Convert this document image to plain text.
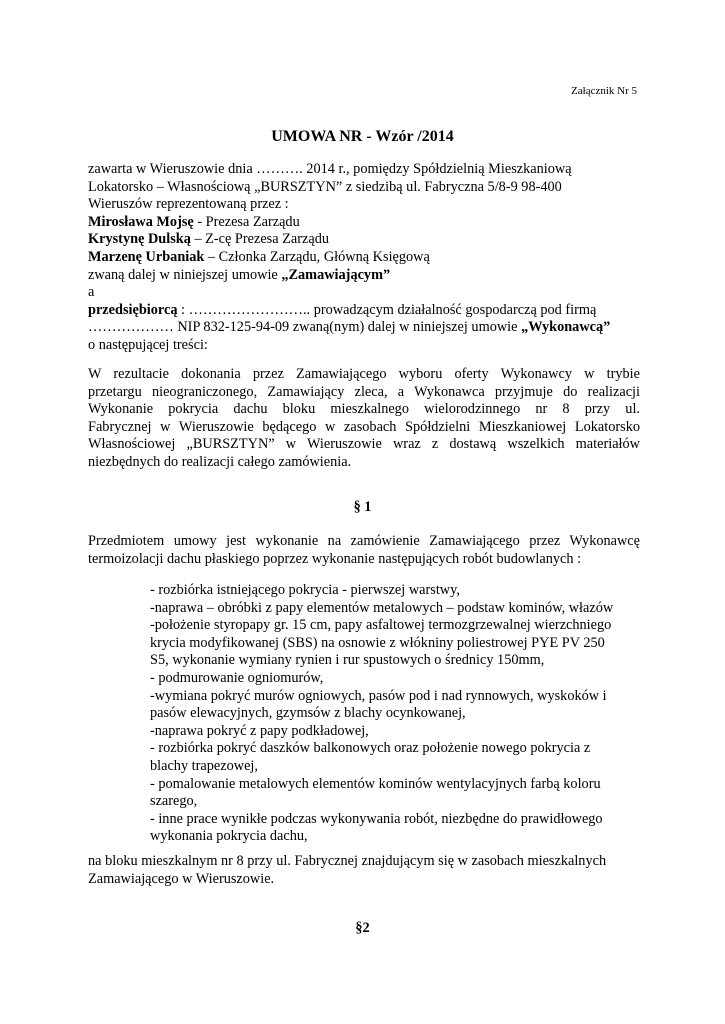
Załącznik Nr 5
UMOWA NR - Wzór /2014
zawarta w Wieruszowie dnia ………. 2014 r., pomiędzy Spółdzielnią Mieszkaniową
Lokatorsko – Własnościową „BURSZTYN” z siedzibą ul. Fabryczna 5/8-9 98-400
Wieruszów reprezentowaną przez :
Mirosława Mojsę - Prezesa Zarządu
Krystynę Dulską – Z-cę Prezesa Zarządu
Marzenę Urbaniak – Członka Zarządu, Główną Księgową
zwaną dalej w niniejszej umowie „Zamawiającym”
a
przedsiębiorcą : …………………….. prowadzącym działalność gospodarczą pod firmą
……………… NIP 832-125-94-09 zwaną(nym) dalej w niniejszej umowie „Wykonawcą”
o następującej treści:
W rezultacie dokonania przez Zamawiającego wyboru oferty Wykonawcy w trybie
przetargu nieograniczonego, Zamawiający zleca, a Wykonawca przyjmuje do realizacji
Wykonanie pokrycia dachu bloku mieszkalnego wielorodzinnego nr 8 przy ul.
Fabrycznej w Wieruszowie będącego w zasobach Spółdzielni Mieszkaniowej Lokatorsko
Własnościowej „BURSZTYN” w Wieruszowie wraz z dostawą wszelkich materiałów
niezbędnych do realizacji całego zamówienia.
§ 1
Przedmiotem umowy jest wykonanie na zamówienie Zamawiającego przez Wykonawcę
termoizolacji dachu płaskiego poprzez wykonanie następujących robót budowlanych :
- rozbiórka istniejącego pokrycia - pierwszej warstwy,
-naprawa – obróbki z papy elementów metalowych – podstaw kominów, włazów
-położenie styropapy gr. 15 cm, papy asfaltowej termozgrzewalnej wierzchniego
krycia modyfikowanej (SBS) na osnowie z włókniny poliestrowej PYE PV 250
S5, wykonanie wymiany rynien i rur spustowych o średnicy 150mm,
- podmurowanie ogniomurów,
-wymiana pokryć murów ogniowych, pasów pod i nad rynnowych, wyskoków i
pasów elewacyjnych, gzymsów z blachy ocynkowanej,
-naprawa pokryć z papy podkładowej,
- rozbiórka pokryć daszków balkonowych oraz położenie nowego pokrycia z
blachy trapezowej,
- pomalowanie metalowych elementów kominów wentylacyjnych farbą koloru
szarego,
- inne prace wynikłe podczas wykonywania robót, niezbędne do prawidłowego
wykonania pokrycia dachu,
na bloku mieszkalnym nr 8 przy ul. Fabrycznej znajdującym się w zasobach mieszkalnych
Zamawiającego w Wieruszowie.
§2
